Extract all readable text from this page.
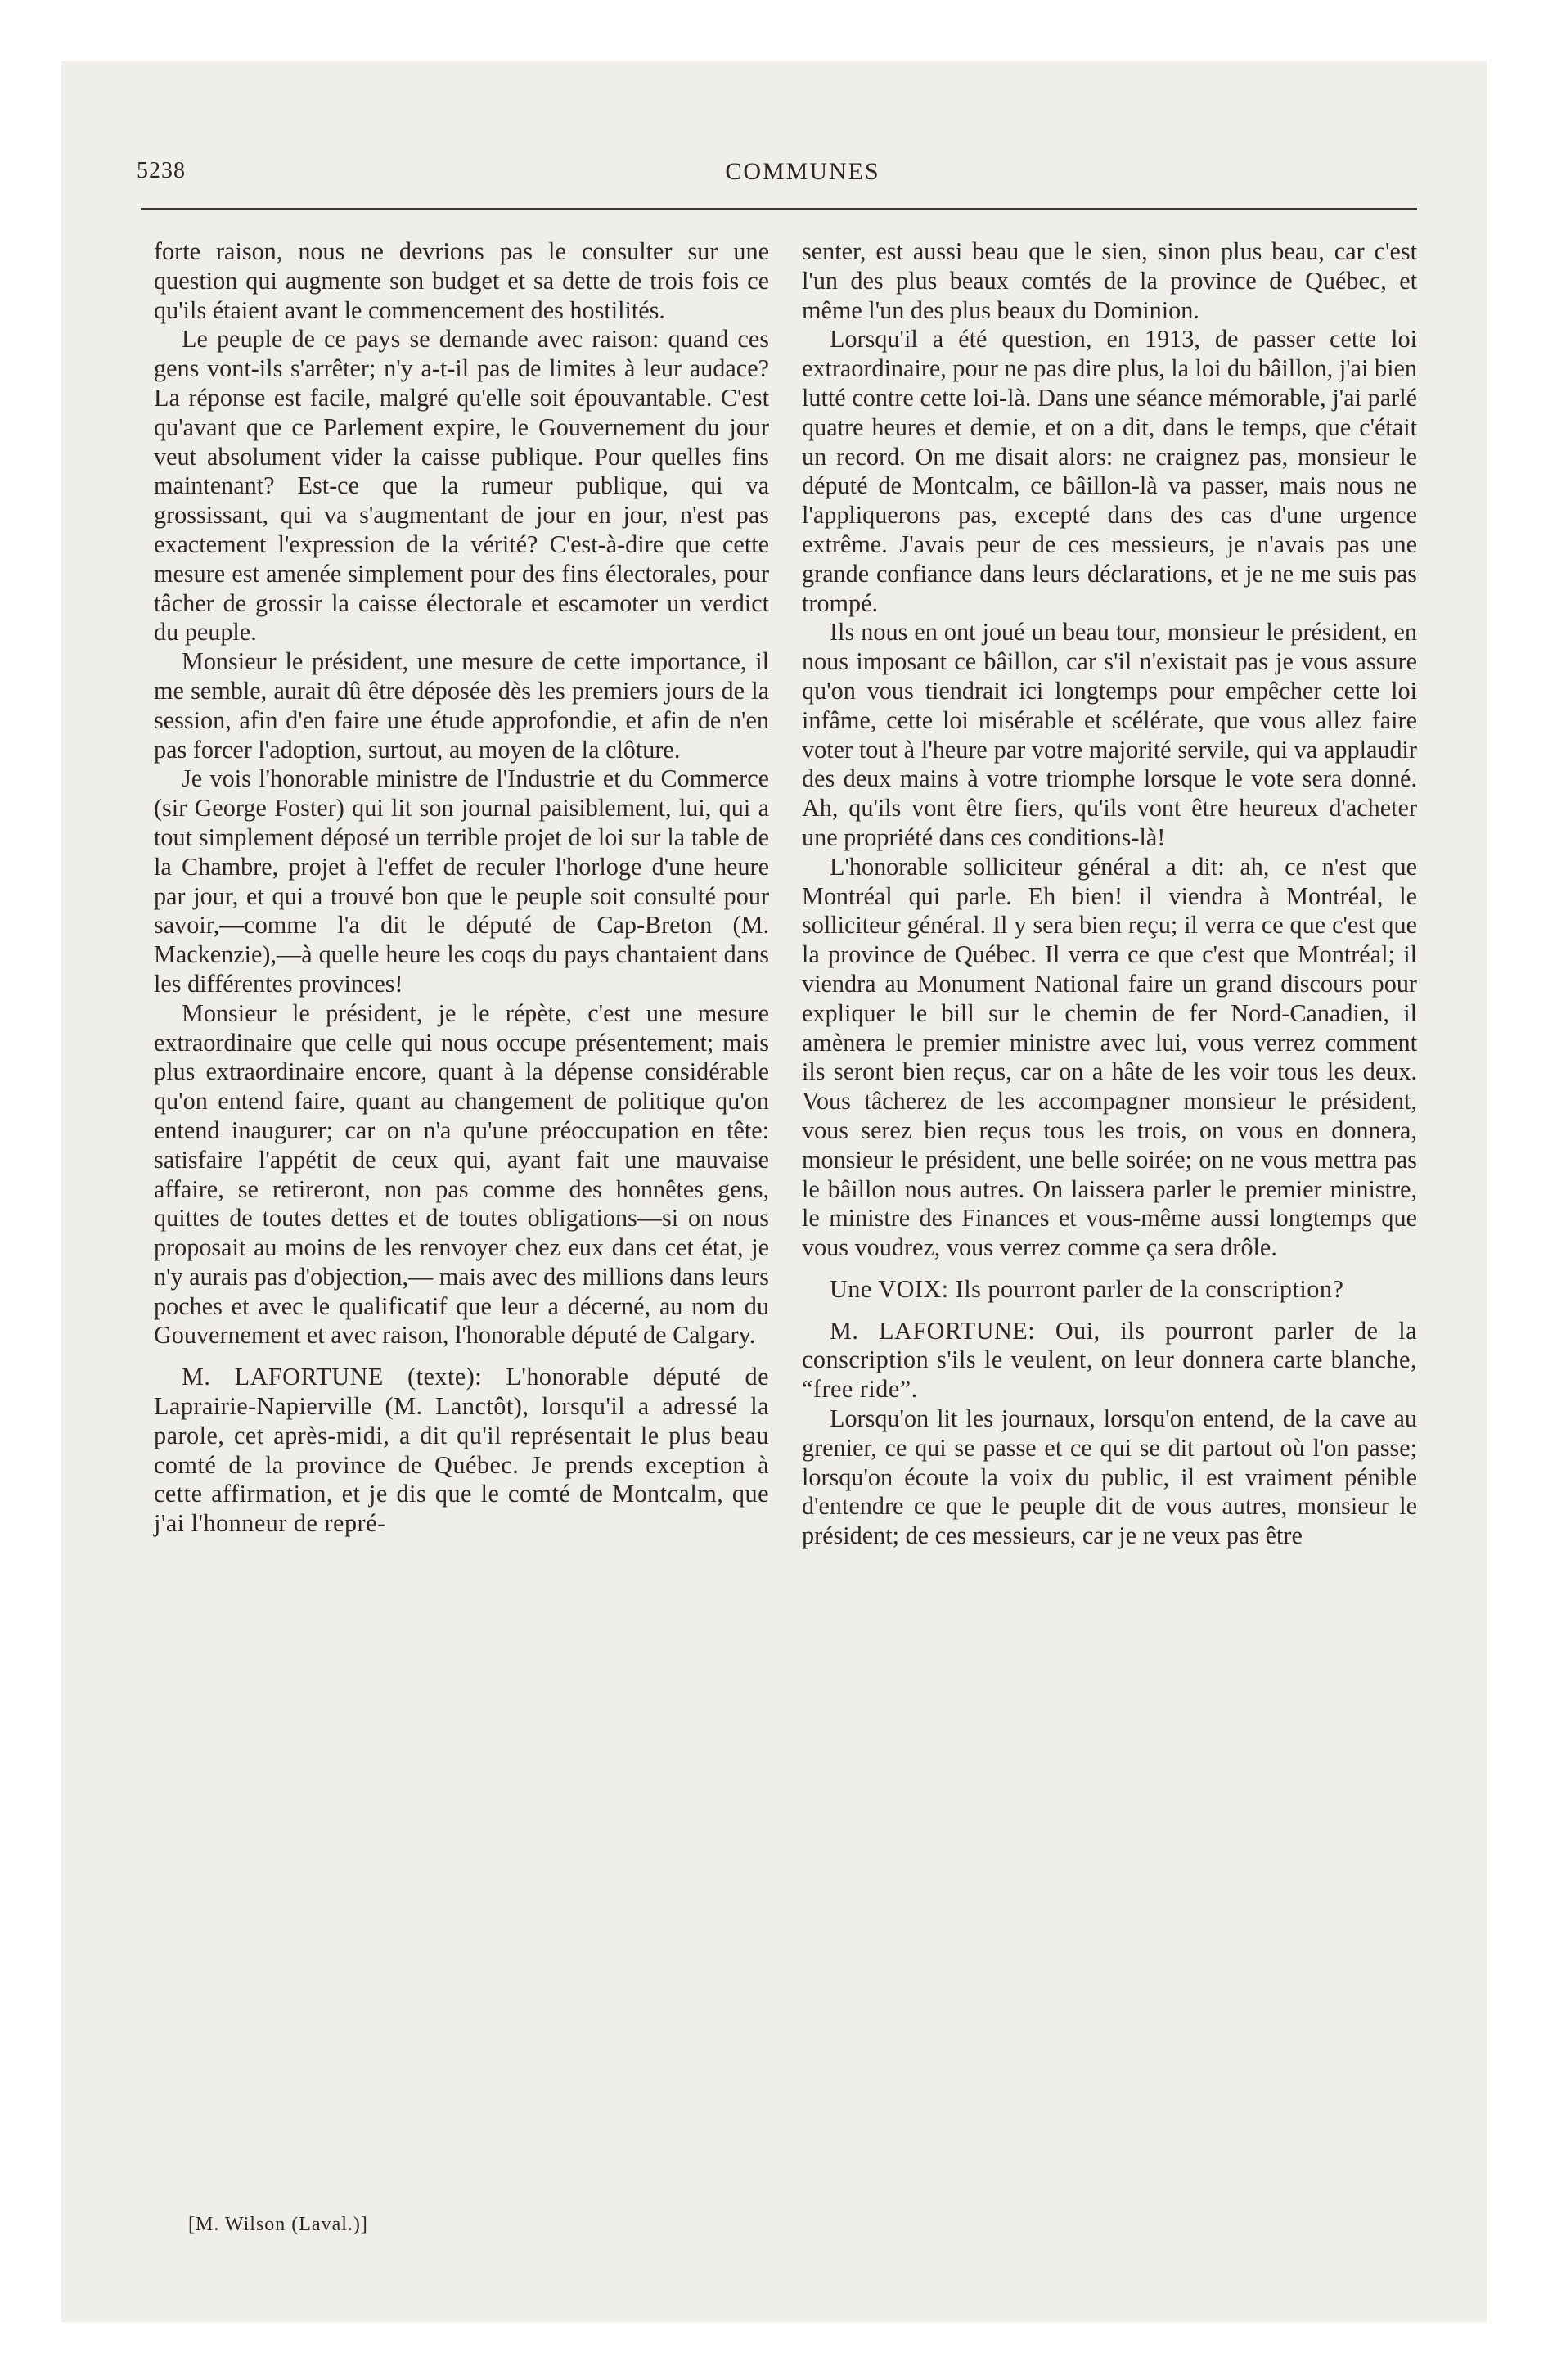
5238	COMMUNES

forte raison, nous ne devrions pas le consulter sur une question qui augmente son budget et sa dette de trois fois ce qu'ils étaient avant le commencement des hostilités.

Le peuple de ce pays se demande avec raison: quand ces gens vont-ils s'arrêter; n'y a-t-il pas de limites à leur audace? La réponse est facile, malgré qu'elle soit épouvantable. C'est qu'avant que ce Parlement expire, le Gouvernement du jour veut absolument vider la caisse publique. Pour quelles fins maintenant? Est-ce que la rumeur publique, qui va grossissant, qui va s'augmentant de jour en jour, n'est pas exactement l'expression de la vérité? C'est-à-dire que cette mesure est amenée simplement pour des fins électorales, pour tâcher de grossir la caisse électorale et escamoter un verdict du peuple.

Monsieur le président, une mesure de cette importance, il me semble, aurait dû être déposée dès les premiers jours de la session, afin d'en faire une étude approfondie, et afin de n'en pas forcer l'adoption, surtout, au moyen de la clôture.

Je vois l'honorable ministre de l'Industrie et du Commerce (sir George Foster) qui lit son journal paisiblement, lui, qui a tout simplement déposé un terrible projet de loi sur la table de la Chambre, projet à l'effet de reculer l'horloge d'une heure par jour, et qui a trouvé bon que le peuple soit consulté pour savoir,—comme l'a dit le député de Cap-Breton (M. Mackenzie),—à quelle heure les coqs du pays chantaient dans les différentes provinces!

Monsieur le président, je le répète, c'est une mesure extraordinaire que celle qui nous occupe présentement; mais plus extraordinaire encore, quant à la dépense considérable qu'on entend faire, quant au changement de politique qu'on entend inaugurer; car on n'a qu'une préoccupation en tête: satisfaire l'appétit de ceux qui, ayant fait une mauvaise affaire, se retireront, non pas comme des honnêtes gens, quittes de toutes dettes et de toutes obligations—si on nous proposait au moins de les renvoyer chez eux dans cet état, je n'y aurais pas d'objection,— mais avec des millions dans leurs poches et avec le qualificatif que leur a décerné, au nom du Gouvernement et avec raison, l'honorable député de Calgary.

M. LAFORTUNE (texte): L'honorable député de Laprairie-Napierville (M. Lanctôt), lorsqu'il a adressé la parole, cet après-midi, a dit qu'il représentait le plus beau comté de la province de Québec. Je prends exception à cette affirmation, et je dis que le comté de Montcalm, que j'ai l'honneur de repré-

senter, est aussi beau que le sien, sinon plus beau, car c'est l'un des plus beaux comtés de la province de Québec, et même l'un des plus beaux du Dominion.

Lorsqu'il a été question, en 1913, de passer cette loi extraordinaire, pour ne pas dire plus, la loi du bâillon, j'ai bien lutté contre cette loi-là. Dans une séance mémorable, j'ai parlé quatre heures et demie, et on a dit, dans le temps, que c'était un record. On me disait alors: ne craignez pas, monsieur le député de Montcalm, ce bâillon-là va passer, mais nous ne l'appliquerons pas, excepté dans des cas d'une urgence extrême. J'avais peur de ces messieurs, je n'avais pas une grande confiance dans leurs déclarations, et je ne me suis pas trompé.

Ils nous en ont joué un beau tour, monsieur le président, en nous imposant ce bâillon, car s'il n'existait pas je vous assure qu'on vous tiendrait ici longtemps pour empêcher cette loi infâme, cette loi misérable et scélérate, que vous allez faire voter tout à l'heure par votre majorité servile, qui va applaudir des deux mains à votre triomphe lorsque le vote sera donné. Ah, qu'ils vont être fiers, qu'ils vont être heureux d'acheter une propriété dans ces conditions-là!

L'honorable solliciteur général a dit: ah, ce n'est que Montréal qui parle. Eh bien! il viendra à Montréal, le solliciteur général. Il y sera bien reçu; il verra ce que c'est que la province de Québec. Il verra ce que c'est que Montréal; il viendra au Monument National faire un grand discours pour expliquer le bill sur le chemin de fer Nord-Canadien, il amènera le premier ministre avec lui, vous verrez comment ils seront bien reçus, car on a hâte de les voir tous les deux. Vous tâcherez de les accompagner monsieur le président, vous serez bien reçus tous les trois, on vous en donnera, monsieur le président, une belle soirée; on ne vous mettra pas le bâillon nous autres. On laissera parler le premier ministre, le ministre des Finances et vous-même aussi longtemps que vous voudrez, vous verrez comme ça sera drôle.

Une VOIX: Ils pourront parler de la conscription?

M. LAFORTUNE: Oui, ils pourront parler de la conscription s'ils le veulent, on leur donnera carte blanche, “free ride”.

Lorsqu'on lit les journaux, lorsqu'on entend, de la cave au grenier, ce qui se passe et ce qui se dit partout où l'on passe; lorsqu'on écoute la voix du public, il est vraiment pénible d'entendre ce que le peuple dit de vous autres, monsieur le président; de ces messieurs, car je ne veux pas être

[M. Wilson (Laval.)]
